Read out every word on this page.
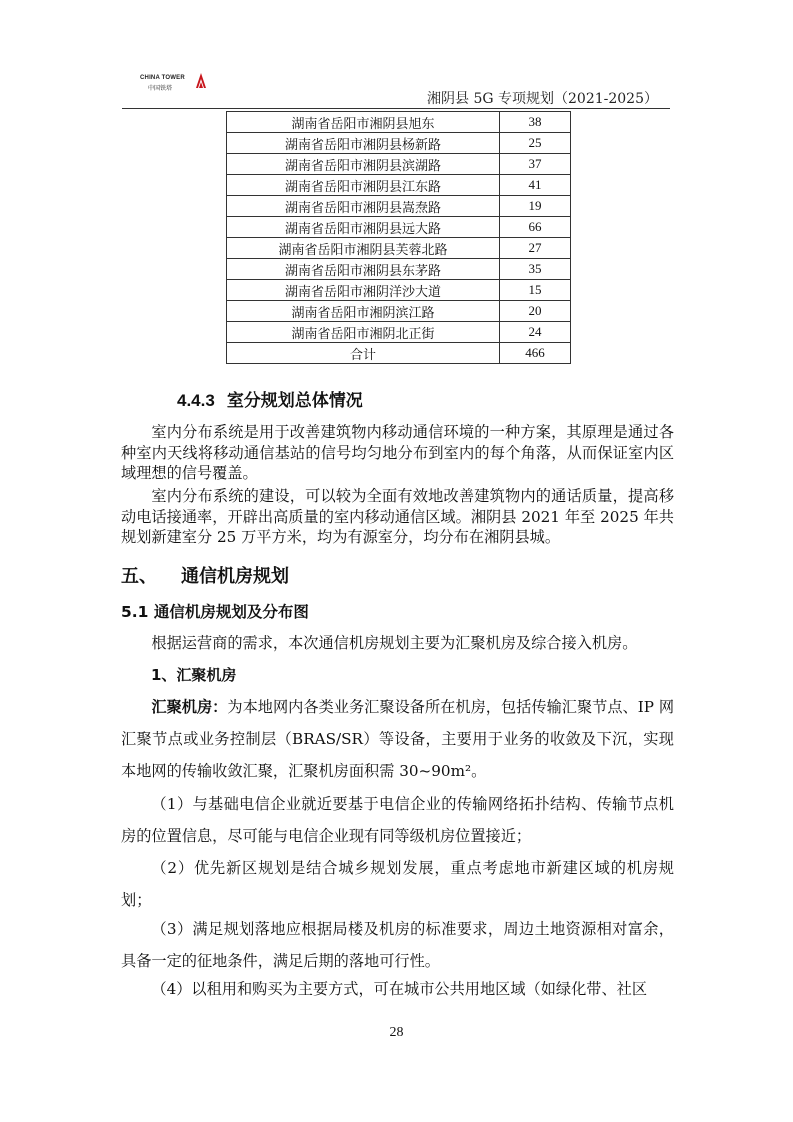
CHINA TOWER
中国铁塔
湘阴县 5G 专项规划（2021-2025）
湖南省岳阳市湘阴县旭东	38
湖南省岳阳市湘阴县杨新路	25
湖南省岳阳市湘阴县滨湖路	37
湖南省岳阳市湘阴县江东路	41
湖南省岳阳市湘阴县嵩焘路	19
湖南省岳阳市湘阴县远大路	66
湖南省岳阳市湘阴县芙蓉北路	27
湖南省岳阳市湘阴县东茅路	35
湖南省岳阳市湘阴洋沙大道	15
湖南省岳阳市湘阴滨江路	20
湖南省岳阳市湘阴北正街	24
合计	466
4.4.3 室分规划总体情况
室内分布系统是用于改善建筑物内移动通信环境的一种方案，其原理是通过各种室内天线将移动通信基站的信号均匀地分布到室内的每个角落，从而保证室内区域理想的信号覆盖。
室内分布系统的建设，可以较为全面有效地改善建筑物内的通话质量，提高移动电话接通率，开辟出高质量的室内移动通信区域。湘阴县 2021 年至 2025 年共规划新建室分 25 万平方米，均为有源室分，均分布在湘阴县城。
五、 通信机房规划
5.1 通信机房规划及分布图
根据运营商的需求，本次通信机房规划主要为汇聚机房及综合接入机房。
1、汇聚机房
汇聚机房：为本地网内各类业务汇聚设备所在机房，包括传输汇聚节点、IP 网汇聚节点或业务控制层（BRAS/SR）等设备，主要用于业务的收敛及下沉，实现本地网的传输收敛汇聚，汇聚机房面积需 30~90m²。
（1）与基础电信企业就近要基于电信企业的传输网络拓扑结构、传输节点机房的位置信息，尽可能与电信企业现有同等级机房位置接近；
（2）优先新区规划是结合城乡规划发展，重点考虑地市新建区域的机房规划；
（3）满足规划落地应根据局楼及机房的标准要求，周边土地资源相对富余，具备一定的征地条件，满足后期的落地可行性。
（4）以租用和购买为主要方式，可在城市公共用地区域（如绿化带、社区
28
